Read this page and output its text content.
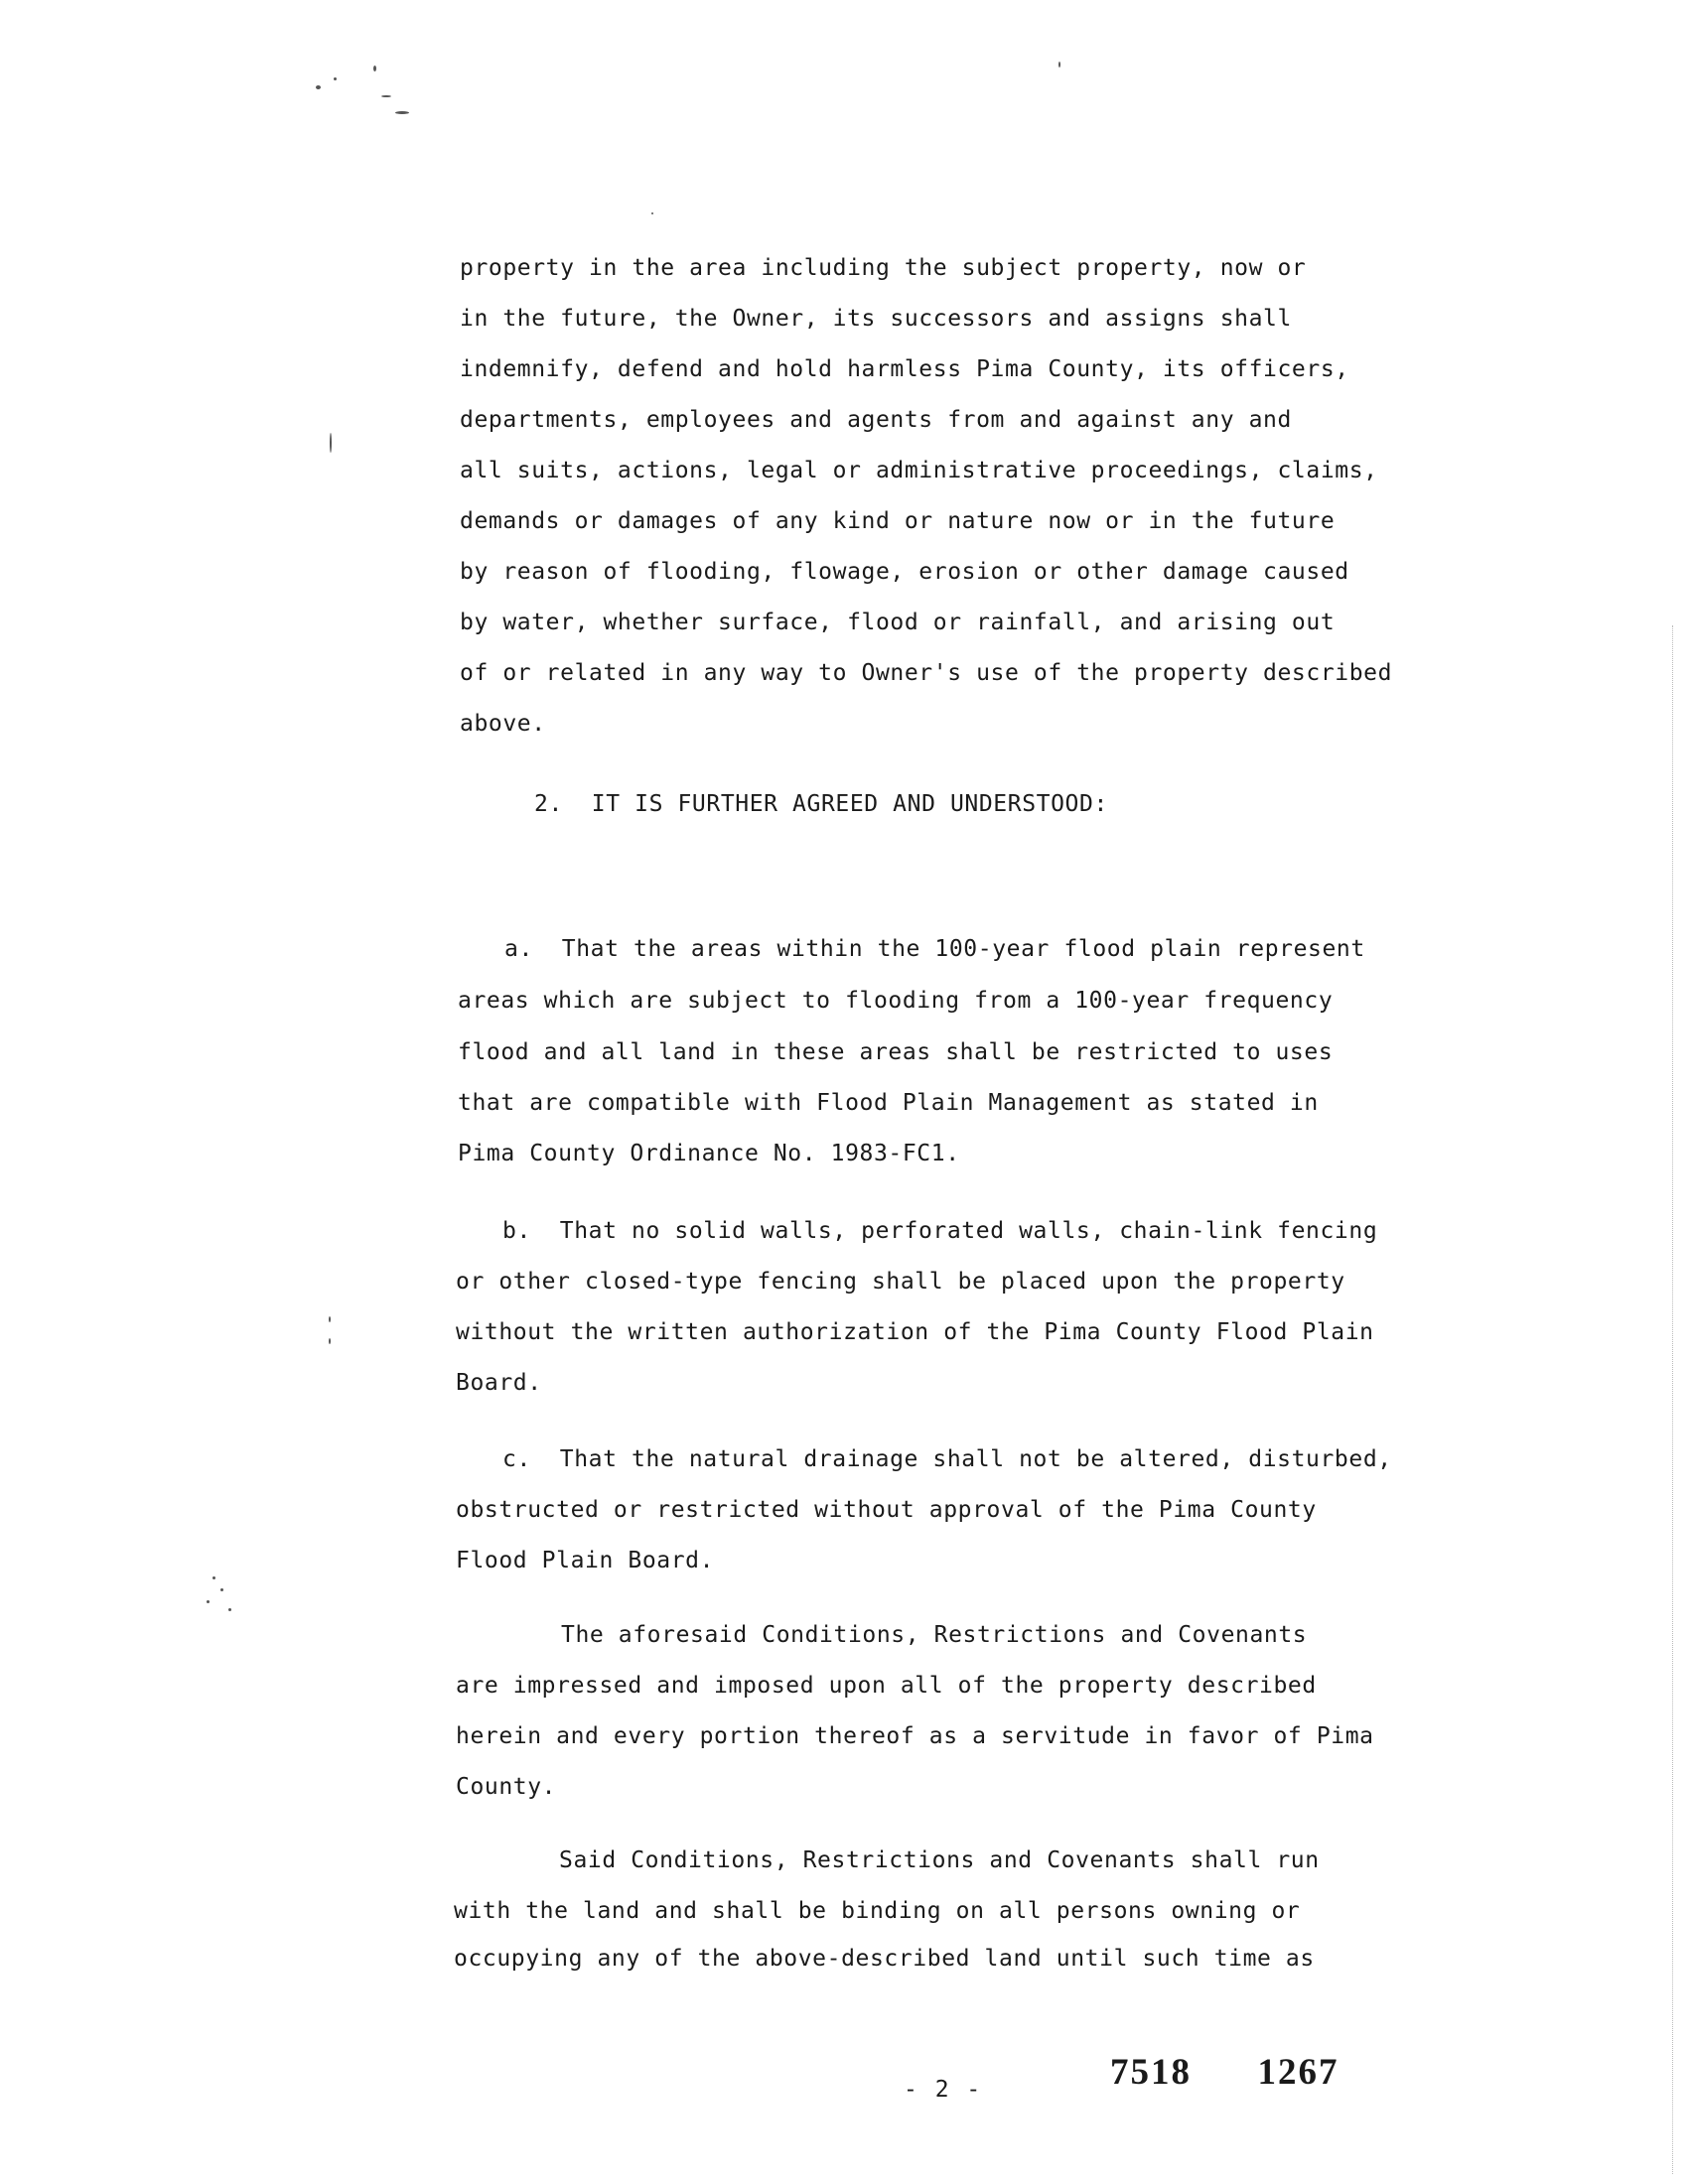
property in the area including the subject property, now or
in the future, the Owner, its successors and assigns shall
indemnify, defend and hold harmless Pima County, its officers,
departments, employees and agents from and against any and
all suits, actions, legal or administrative proceedings, claims,
demands or damages of any kind or nature now or in the future
by reason of flooding, flowage, erosion or other damage caused
by water, whether surface, flood or rainfall, and arising out
of or related in any way to Owner's use of the property described
above.
2.  IT IS FURTHER AGREED AND UNDERSTOOD:
a.  That the areas within the 100-year flood plain represent
areas which are subject to flooding from a 100-year frequency
flood and all land in these areas shall be restricted to uses
that are compatible with Flood Plain Management as stated in
Pima County Ordinance No. 1983-FC1.
b.  That no solid walls, perforated walls, chain-link fencing
or other closed-type fencing shall be placed upon the property
without the written authorization of the Pima County Flood Plain
Board.
c.  That the natural drainage shall not be altered, disturbed,
obstructed or restricted without approval of the Pima County
Flood Plain Board.
The aforesaid Conditions, Restrictions and Covenants
are impressed and imposed upon all of the property described
herein and every portion thereof as a servitude in favor of Pima
County.
Said Conditions, Restrictions and Covenants shall run
with the land and shall be binding on all persons owning or
occupying any of the above-described land until such time as
- 2 -	7518  1267
